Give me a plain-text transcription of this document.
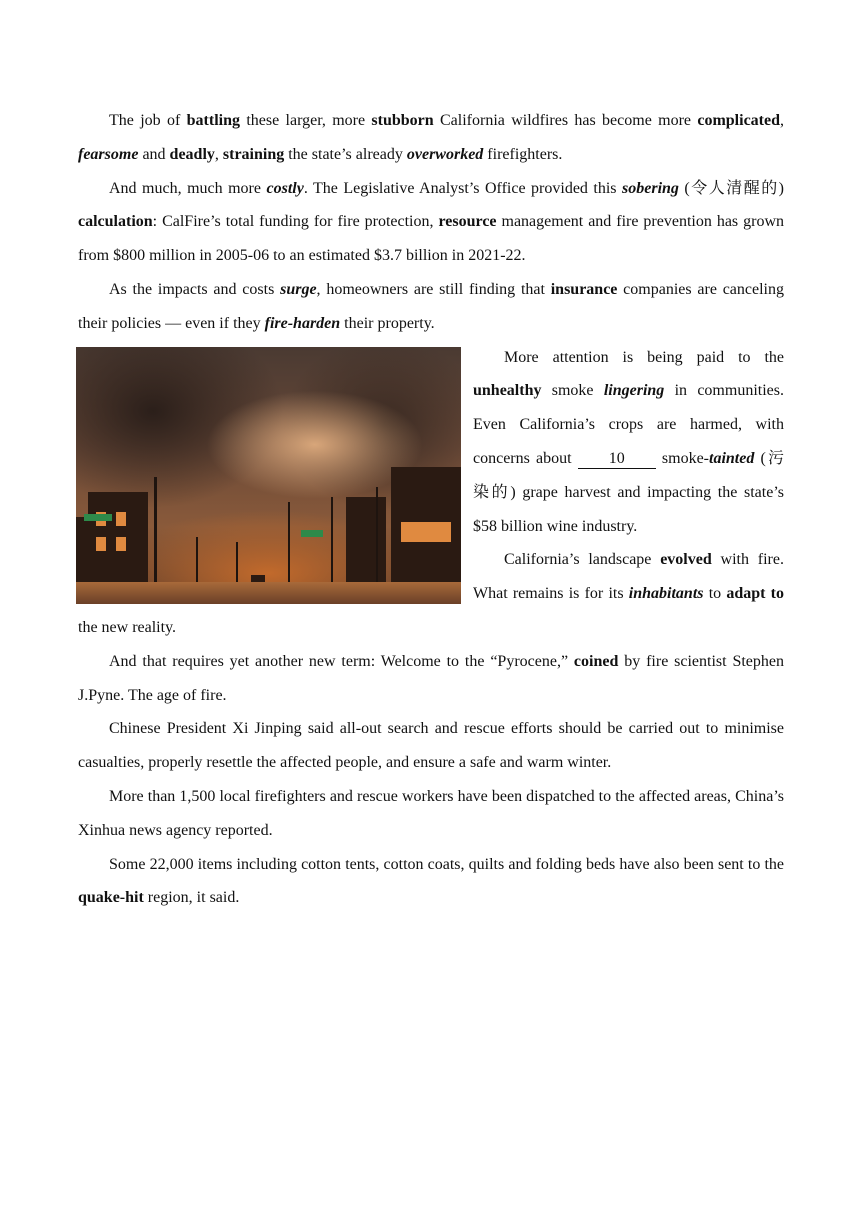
The job of battling these larger, more stubborn California wildfires has become more complicated, fearsome and deadly, straining the state’s already overworked firefighters.

And much, much more costly. The Legislative Analyst’s Office provided this sobering (令人清醒的) calculation: CalFire’s total funding for fire protection, resource management and fire prevention has grown from $800 million in 2005-06 to an estimated $3.7 billion in 2021-22.

As the impacts and costs surge, homeowners are still finding that insurance companies are canceling their policies — even if they fire-harden their property.

More attention is being paid to the unhealthy smoke lingering in communities. Even California’s crops are harmed, with concerns about 10 smoke-tainted (污染的) grape harvest and impacting the state’s $58 billion wine industry.

California’s landscape evolved with fire. What remains is for its inhabitants to adapt to the new reality.

And that requires yet another new term: Welcome to the “Pyrocene,” coined by fire scientist Stephen J.Pyne. The age of fire.

Chinese President Xi Jinping said all-out search and rescue efforts should be carried out to minimise casualties, properly resettle the affected people, and ensure a safe and warm winter.

More than 1,500 local firefighters and rescue workers have been dispatched to the affected areas, China’s Xinhua news agency reported.

Some 22,000 items including cotton tents, cotton coats, quilts and folding beds have also been sent to the quake-hit region, it said.
